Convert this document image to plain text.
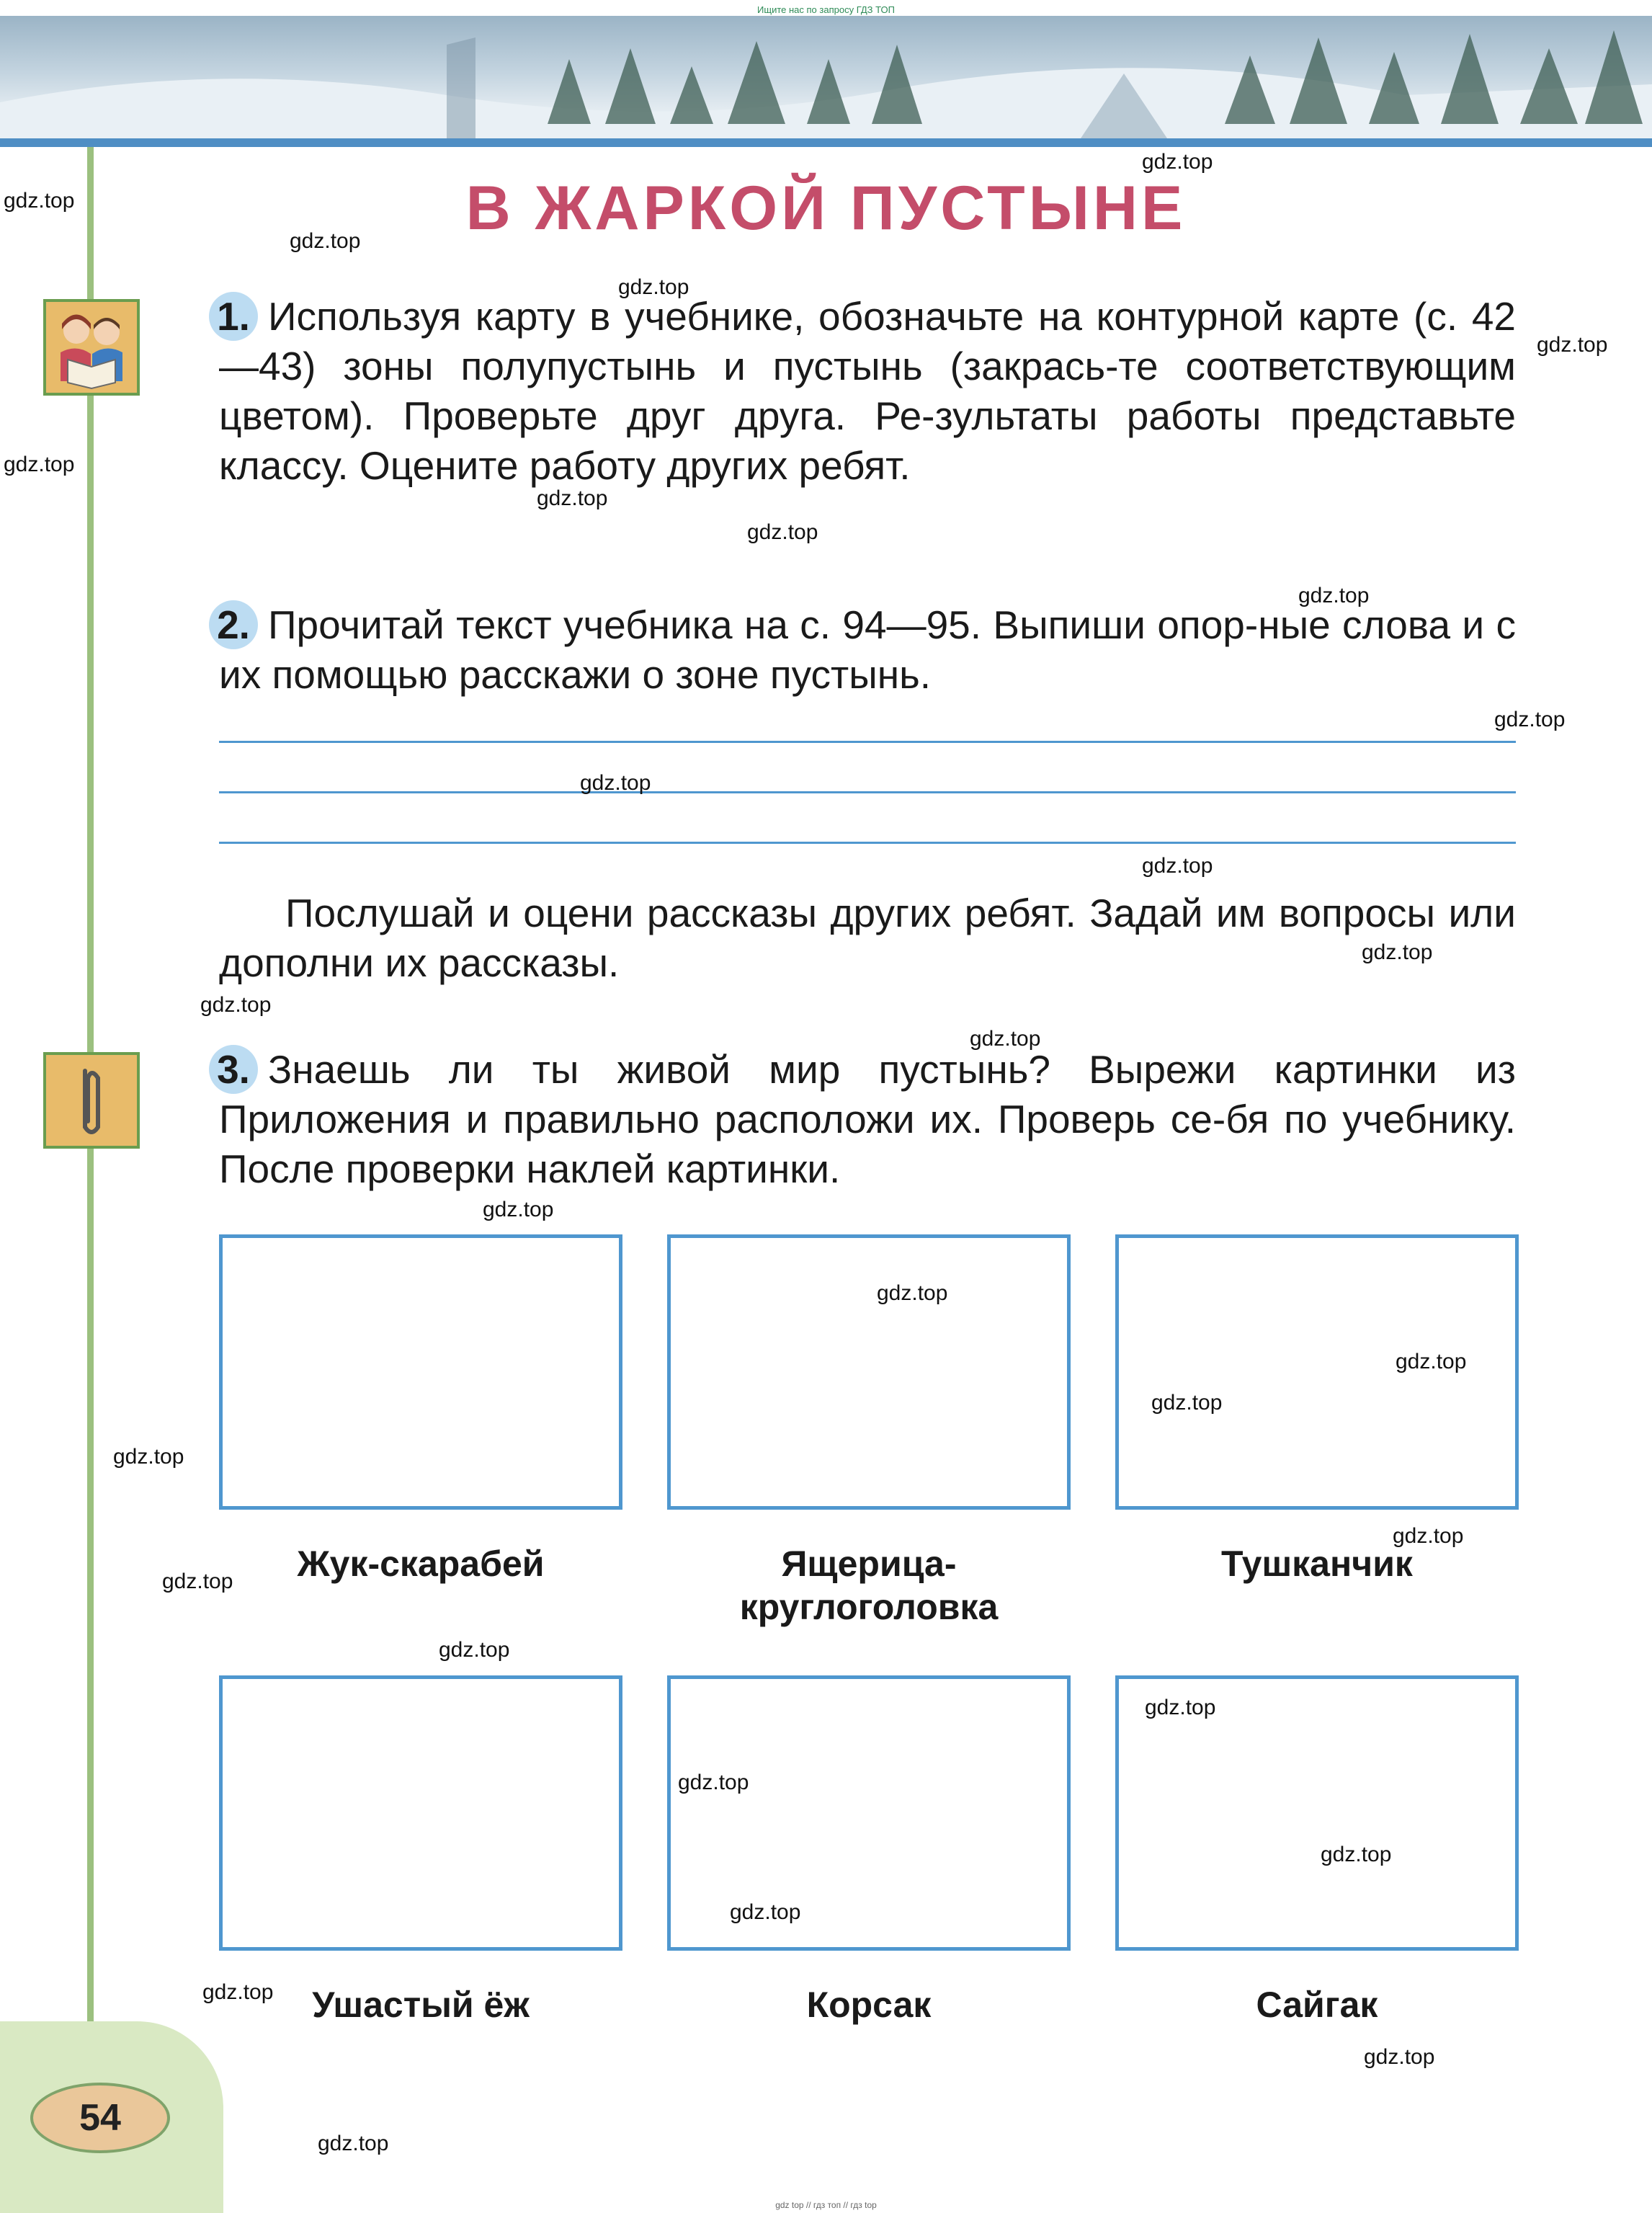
Ищите нас по запросу ГДЗ ТОП
В ЖАРКОЙ ПУСТЫНЕ
1. Используя карту в учебнике, обозначьте на контурной карте (с. 42—43) зоны полупустынь и пустынь (закрась-те соответствующим цветом). Проверьте друг друга. Ре-зультаты работы представьте классу. Оцените работу других ребят.
2. Прочитай текст учебника на с. 94—95. Выпиши опор-ные слова и с их помощью расскажи о зоне пустынь.
Послушай и оцени рассказы других ребят. Задай им вопросы или дополни их рассказы.
3. Знаешь ли ты живой мир пустынь? Вырежи картинки из Приложения и правильно расположи их. Проверь се-бя по учебнику. После проверки наклей картинки.
Жук-скарабей	Ящерица-круглоголовка
Тушканчик
Ушастый ёж	Корсак	Сайгак
54
gdz.top
gdz.top
gdz.top
gdz.top
gdz.top
gdz.top
gdz.top
gdz.top
gdz.top
gdz.top
gdz.top
gdz.top
gdz.top
gdz.top
gdz.top
gdz.top
gdz.top
gdz.top
gdz.top
gdz.top
gdz.top
gdz.top
gdz.top
gdz.top
gdz.top
gdz.top
gdz.top
gdz.top
gdz.top
gdz.top
gdz top // гдз топ // гдз top
